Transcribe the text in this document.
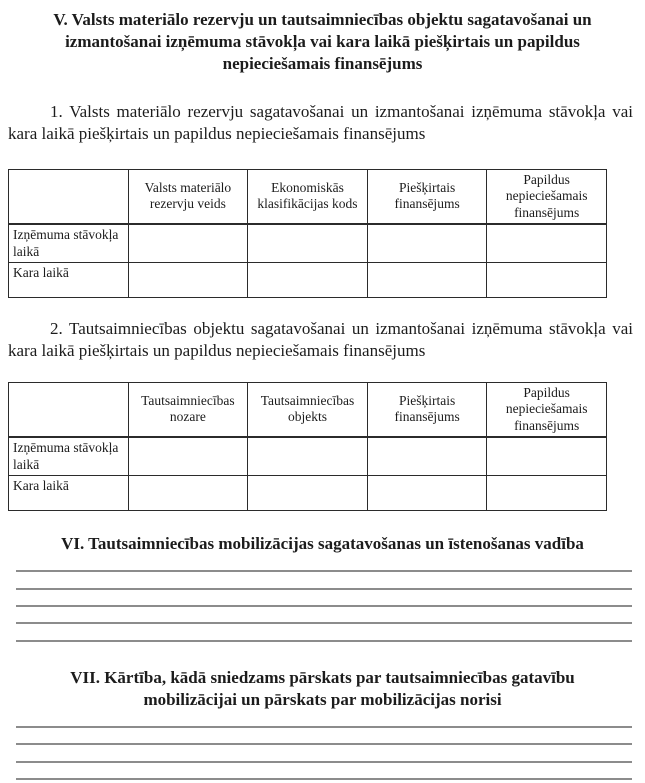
V. Valsts materiālo rezervju un tautsaimniecības objektu sagatavošanai un izmantošanai izņēmuma stāvokļa vai kara laikā piešķirtais un papildus nepieciešamais finansējums

1. Valsts materiālo rezervju sagatavošanai un izmantošanai izņēmuma stāvokļa vai kara laikā piešķirtais un papildus nepieciešamais finansējums

	Valsts materiālo rezervju veids	Ekonomiskās klasifikācijas kods	Piešķirtais finansējums	Papildus nepieciešamais finansējums
Izņēmuma stāvokļa laikā				
Kara laikā				

2. Tautsaimniecības objektu sagatavošanai un izmantošanai izņēmuma stāvokļa vai kara laikā piešķirtais un papildus nepieciešamais finansējums

	Tautsaimniecības nozare	Tautsaimniecības objekts	Piešķirtais finansējums	Papildus nepieciešamais finansējums
Izņēmuma stāvokļa laikā				
Kara laikā				
VI. Tautsaimniecības mobilizācijas sagatavošanas un īstenošanas vadība
VII. Kārtība, kādā sniedzams pārskats par tautsaimniecības gatavību mobilizācijai un pārskats par mobilizācijas norisi
